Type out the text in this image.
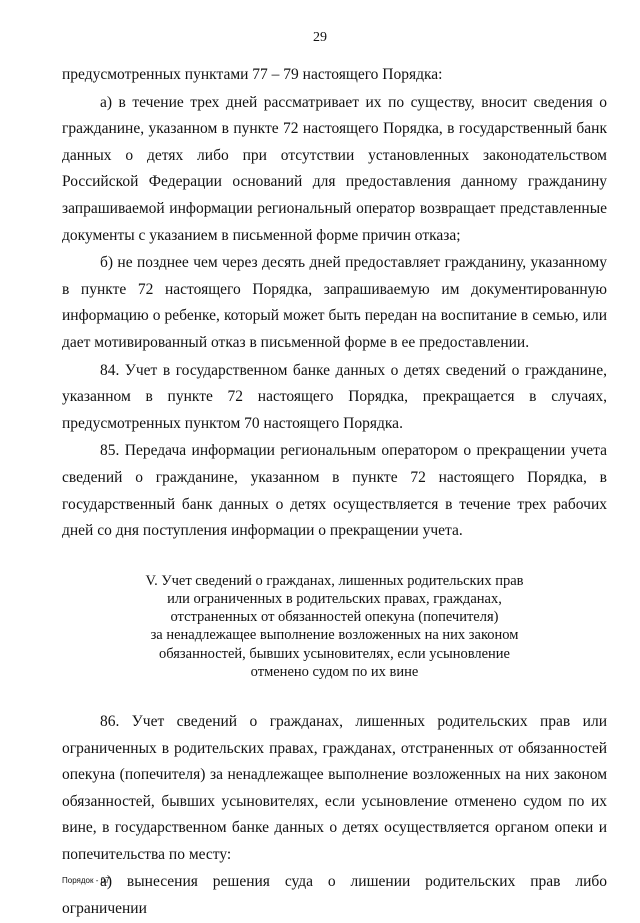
29

предусмотренных пунктами 77 – 79 настоящего Порядка:

а) в течение трех дней рассматривает их по существу, вносит сведения о гражданине, указанном в пункте 72 настоящего Порядка, в государственный банк данных о детях либо при отсутствии установленных законодательством Российской Федерации оснований для предоставления данному гражданину запрашиваемой информации региональный оператор возвращает представленные документы с указанием в письменной форме причин отказа;

б) не позднее чем через десять дней предоставляет гражданину, указанному в пункте 72 настоящего Порядка, запрашиваемую им документированную информацию о ребенке, который может быть передан на воспитание в семью, или дает мотивированный отказ в письменной форме в ее предоставлении.

84. Учет в государственном банке данных о детях сведений о гражданине, указанном в пункте 72 настоящего Порядка, прекращается в случаях, предусмотренных пунктом 70 настоящего Порядка.

85. Передача информации региональным оператором о прекращении учета сведений о гражданине, указанном в пункте 72 настоящего Порядка, в государственный банк данных о детях осуществляется в течение трех рабочих дней со дня поступления информации о прекращении учета.

V. Учет сведений о гражданах, лишенных родительских прав
или ограниченных в родительских правах, гражданах,
отстраненных от обязанностей опекуна (попечителя)
за ненадлежащее выполнение возложенных на них законом
обязанностей, бывших усыновителях, если усыновление
отменено судом по их вине

86. Учет сведений о гражданах, лишенных родительских прав или ограниченных в родительских правах, гражданах, отстраненных от обязанностей опекуна (попечителя) за ненадлежащее выполнение возложенных на них законом обязанностей, бывших усыновителях, если усыновление отменено судом по их вине, в государственном банке данных о детях осуществляется органом опеки и попечительства по месту:

а) вынесения решения суда о лишении родительских прав либо ограничении

Порядок - 07
